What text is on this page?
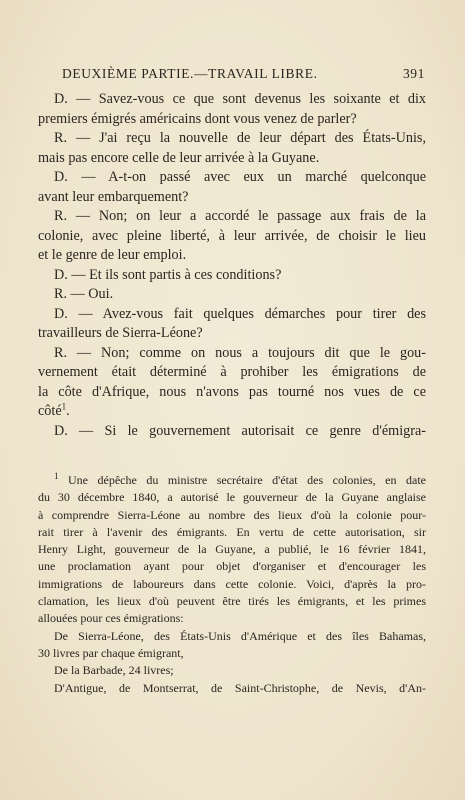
DEUXIÈME PARTIE.—TRAVAIL LIBRE.	391
D. — Savez-vous ce que sont devenus les soixante et dix
premiers émigrés américains dont vous venez de parler?
R. — J'ai reçu la nouvelle de leur départ des États-Unis,
mais pas encore celle de leur arrivée à la Guyane.
D. — A-t-on passé avec eux un marché quelconque
avant leur embarquement?
R. — Non; on leur a accordé le passage aux frais de la
colonie, avec pleine liberté, à leur arrivée, de choisir le lieu
et le genre de leur emploi.
D. — Et ils sont partis à ces conditions?
R. — Oui.
D. — Avez-vous fait quelques démarches pour tirer des
travailleurs de Sierra-Léone?
R. — Non; comme on nous a toujours dit que le gou-
vernement était déterminé à prohiber les émigrations de
la côte d'Afrique, nous n'avons pas tourné nos vues de ce
côté$^1$.
D. — Si le gouvernement autorisait ce genre d'émigra-
$^1$ Une dépêche du ministre secrétaire d'état des colonies, en date
du 30 décembre 1840, a autorisé le gouverneur de la Guyane anglaise
à comprendre Sierra-Léone au nombre des lieux d'où la colonie pour-
rait tirer à l'avenir des émigrants. En vertu de cette autorisation, sir
Henry Light, gouverneur de la Guyane, a publié, le 16 février 1841,
une proclamation ayant pour objet d'organiser et d'encourager les
immigrations de laboureurs dans cette colonie. Voici, d'après la pro-
clamation, les lieux d'où peuvent être tirés les émigrants, et les primes
allouées pour ces émigrations:
De Sierra-Léone, des États-Unis d'Amérique et des îles Bahamas,
30 livres par chaque émigrant,
De la Barbade, 24 livres;
D'Antigue, de Montserrat, de Saint-Christophe, de Nevis, d'An-
